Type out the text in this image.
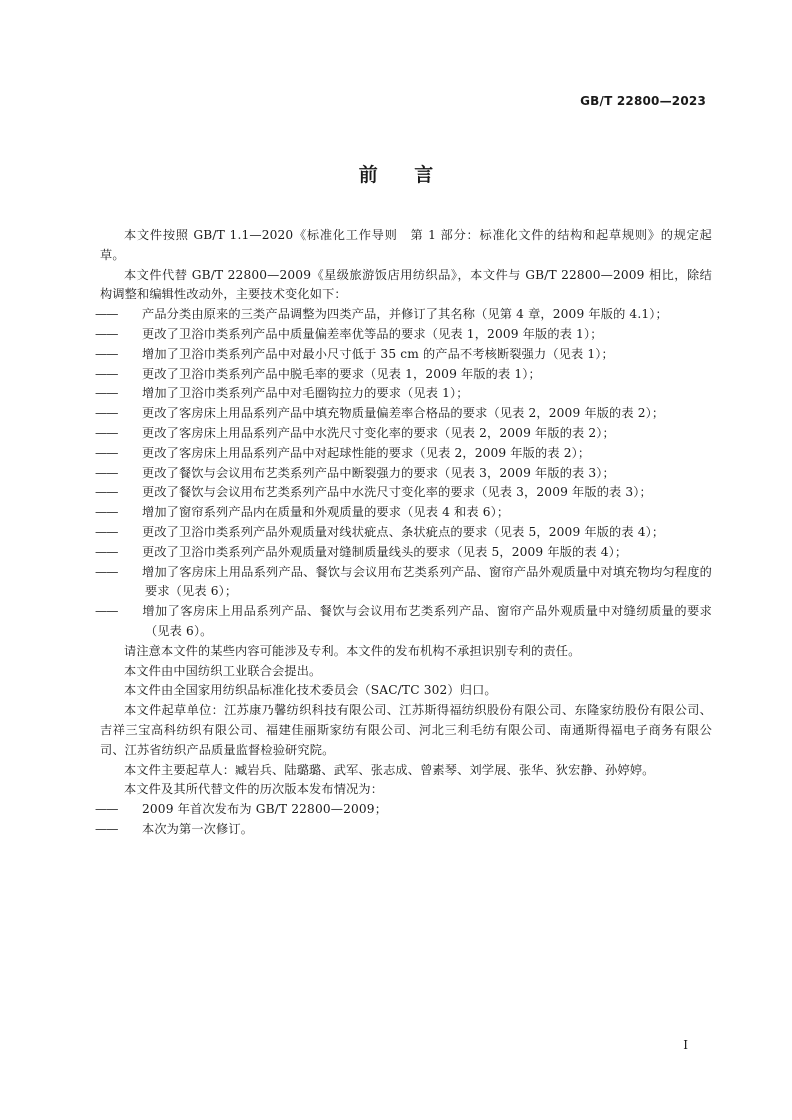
GB/T 22800—2023
前 言

本文件按照 GB/T 1.1—2020《标准化工作导则　第 1 部分：标准化文件的结构和起草规则》的规定起草。

本文件代替 GB/T 22800—2009《星级旅游饭店用纺织品》，本文件与 GB/T 22800—2009 相比，除结构调整和编辑性改动外，主要技术变化如下：

—— 产品分类由原来的三类产品调整为四类产品，并修订了其名称（见第 4 章，2009 年版的 4.1）；

—— 更改了卫浴巾类系列产品中质量偏差率优等品的要求（见表 1，2009 年版的表 1）；

—— 增加了卫浴巾类系列产品中对最小尺寸低于 35 cm 的产品不考核断裂强力（见表 1）；

—— 更改了卫浴巾类系列产品中脱毛率的要求（见表 1，2009 年版的表 1）；

—— 增加了卫浴巾类系列产品中对毛圈钩拉力的要求（见表 1）；

—— 更改了客房床上用品系列产品中填充物质量偏差率合格品的要求（见表 2，2009 年版的表 2）；

—— 更改了客房床上用品系列产品中水洗尺寸变化率的要求（见表 2，2009 年版的表 2）；

—— 更改了客房床上用品系列产品中对起球性能的要求（见表 2，2009 年版的表 2）；

—— 更改了餐饮与会议用布艺类系列产品中断裂强力的要求（见表 3，2009 年版的表 3）；

—— 更改了餐饮与会议用布艺类系列产品中水洗尺寸变化率的要求（见表 3，2009 年版的表 3）；

—— 增加了窗帘系列产品内在质量和外观质量的要求（见表 4 和表 6）；

—— 更改了卫浴巾类系列产品外观质量对线状疵点、条状疵点的要求（见表 5，2009 年版的表 4）；

—— 更改了卫浴巾类系列产品外观质量对缝制质量线头的要求（见表 5，2009 年版的表 4）；

—— 增加了客房床上用品系列产品、餐饮与会议用布艺类系列产品、窗帘产品外观质量中对填充物均匀程度的要求（见表 6）；

—— 增加了客房床上用品系列产品、餐饮与会议用布艺类系列产品、窗帘产品外观质量中对缝纫质量的要求（见表 6）。

请注意本文件的某些内容可能涉及专利。本文件的发布机构不承担识别专利的责任。

本文件由中国纺织工业联合会提出。

本文件由全国家用纺织品标准化技术委员会（SAC/TC 302）归口。

本文件起草单位：江苏康乃馨纺织科技有限公司、江苏斯得福纺织股份有限公司、东隆家纺股份有限公司、吉祥三宝高科纺织有限公司、福建佳丽斯家纺有限公司、河北三利毛纺有限公司、南通斯得福电子商务有限公司、江苏省纺织产品质量监督检验研究院。

本文件主要起草人：臧岩兵、陆璐璐、武军、张志成、曾素琴、刘学展、张华、狄宏静、孙婷婷。

本文件及其所代替文件的历次版本发布情况为：

—— 2009 年首次发布为 GB/T 22800—2009；

—— 本次为第一次修订。

I
